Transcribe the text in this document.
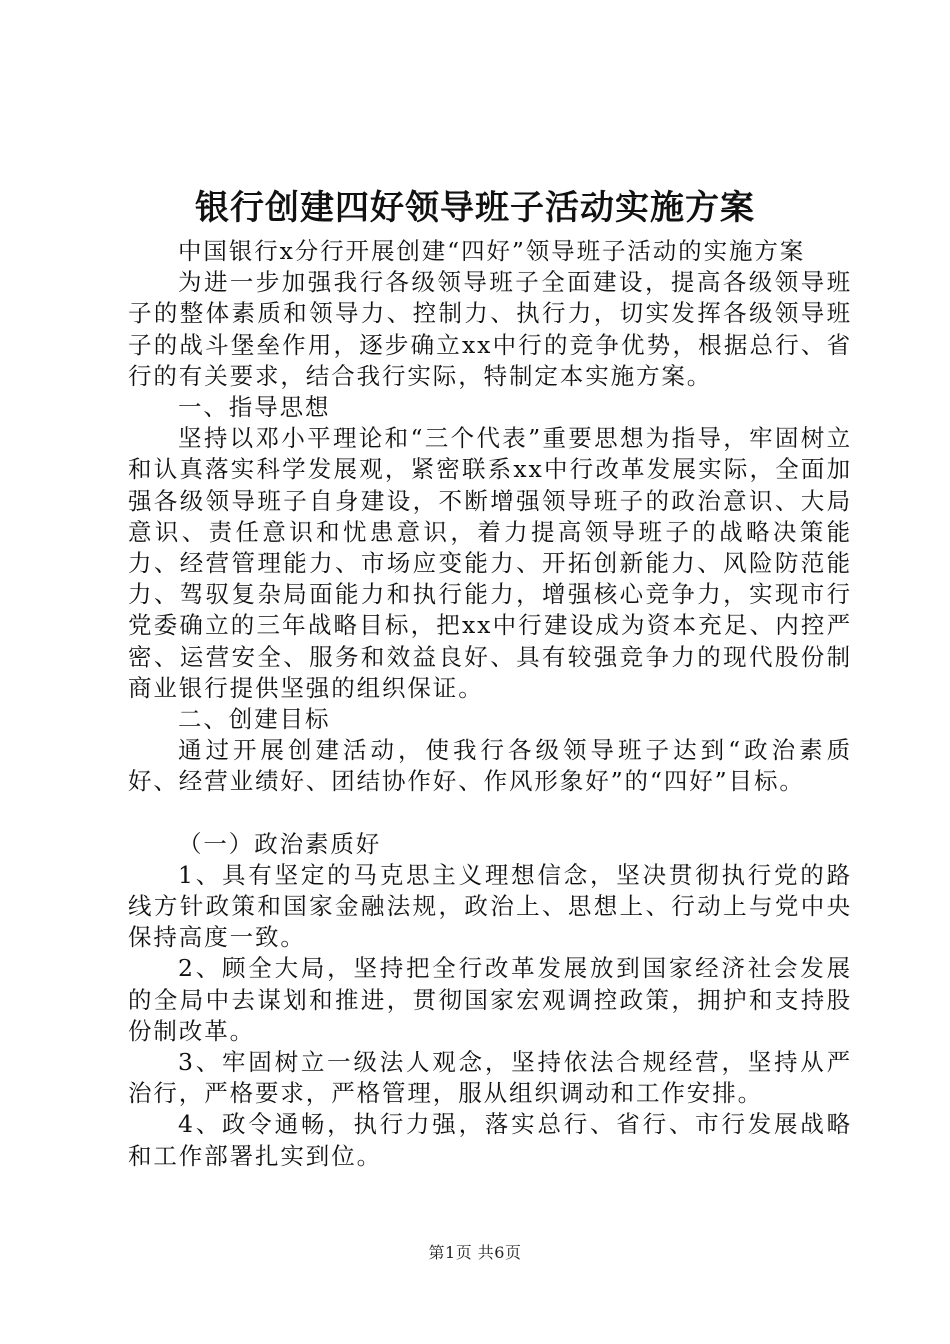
银行创建四好领导班子活动实施方案

中国银行x分行开展创建“四好”领导班子活动的实施方案

为进一步加强我行各级领导班子全面建设，提高各级领导班子的整体素质和领导力、控制力、执行力，切实发挥各级领导班子的战斗堡垒作用，逐步确立xx中行的竞争优势，根据总行、省行的有关要求，结合我行实际，特制定本实施方案。

一、指导思想

坚持以邓小平理论和“三个代表”重要思想为指导，牢固树立和认真落实科学发展观，紧密联系xx中行改革发展实际，全面加强各级领导班子自身建设，不断增强领导班子的政治意识、大局意识、责任意识和忧患意识，着力提高领导班子的战略决策能力、经营管理能力、市场应变能力、开拓创新能力、风险防范能力、驾驭复杂局面能力和执行能力，增强核心竞争力，实现市行党委确立的三年战略目标，把xx中行建设成为资本充足、内控严密、运营安全、服务和效益良好、具有较强竞争力的现代股份制商业银行提供坚强的组织保证。

二、创建目标

通过开展创建活动，使我行各级领导班子达到“政治素质好、经营业绩好、团结协作好、作风形象好”的“四好”目标。

（一）政治素质好

1、具有坚定的马克思主义理想信念，坚决贯彻执行党的路线方针政策和国家金融法规，政治上、思想上、行动上与党中央保持高度一致。

2、顾全大局，坚持把全行改革发展放到国家经济社会发展的全局中去谋划和推进，贯彻国家宏观调控政策，拥护和支持股份制改革。

3、牢固树立一级法人观念，坚持依法合规经营，坚持从严治行，严格要求，严格管理，服从组织调动和工作安排。

4、政令通畅，执行力强，落实总行、省行、市行发展战略和工作部署扎实到位。

第1页 共6页
